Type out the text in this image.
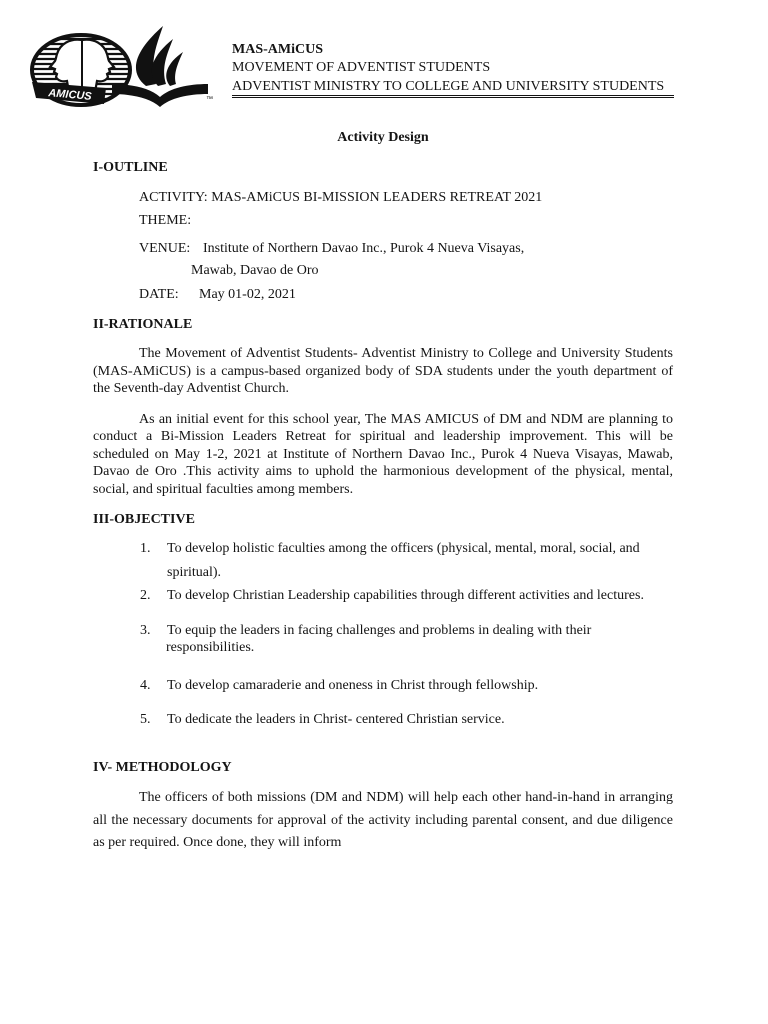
AMICUS	™
MAS-AMiCUS
MOVEMENT OF ADVENTIST STUDENTS
ADVENTIST MINISTRY TO COLLEGE AND UNIVERSITY STUDENTS
Activity Design
I-OUTLINE
ACTIVITY: MAS-AMiCUS BI-MISSION LEADERS RETREAT 2021
THEME:
VENUE: Institute of Northern Davao Inc., Purok 4 Nueva Visayas,
Mawab, Davao de Oro
DATE: May 01-02, 2021
II-RATIONALE
The Movement of Adventist Students- Adventist Ministry to College and University Students
(MAS-AMiCUS) is a campus-based organized body of SDA students under the youth department of
the Seventh-day Adventist Church.
As an initial event for this school year, The MAS AMICUS of DM and NDM are planning to
conduct a Bi-Mission Leaders Retreat for spiritual and leadership improvement. This will be
scheduled on May 1-2, 2021 at Institute of Northern Davao Inc., Purok 4 Nueva Visayas, Mawab,
Davao de Oro .This activity aims to uphold the harmonious development of the physical, mental,
social, and spiritual faculties among members.
III-OBJECTIVE
1. To develop holistic faculties among the officers (physical, mental, moral, social, and
spiritual).
2. To develop Christian Leadership capabilities through different activities and lectures.
3. To equip the leaders in facing challenges and problems in dealing with their
responsibilities.
4. To develop camaraderie and oneness in Christ through fellowship.
5. To dedicate the leaders in Christ- centered Christian service.
IV- METHODOLOGY
The officers of both missions (DM and NDM) will help each other hand-in-hand in arranging
all the necessary documents for approval of the activity including parental consent, and due diligence
as per required. Once done, they will inform
